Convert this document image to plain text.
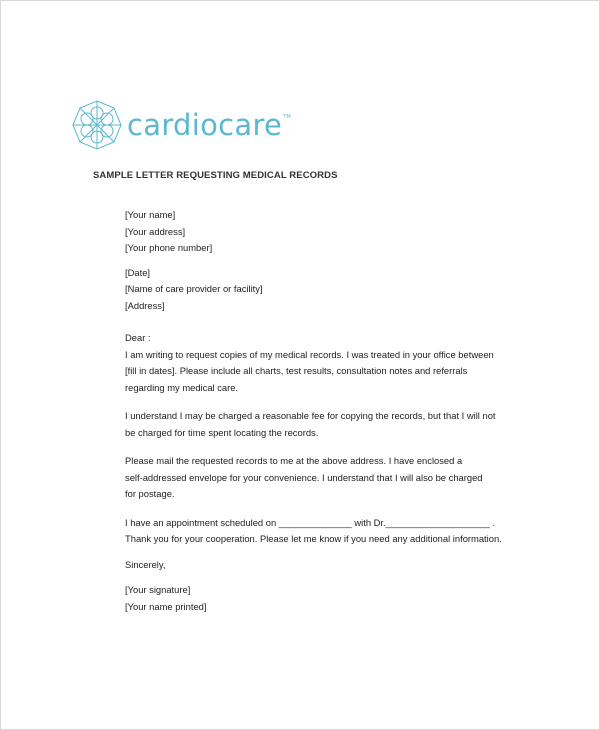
cardiocare TM
SAMPLE LETTER REQUESTING MEDICAL RECORDS

[Your name]

[Your address]

[Your phone number]

[Date]

[Name of care provider or facility]

[Address]

Dear :

I am writing to request copies of my medical records. I was treated in your office between

[fill in dates]. Please include all charts, test results, consultation notes and referrals

regarding my medical care.

I understand I may be charged a reasonable fee for copying the records, but that I will not

be charged for time spent locating the records.

Please mail the requested records to me at the above address. I have enclosed a

self-addressed envelope for your convenience. I understand that I will also be charged

for postage.

I have an appointment scheduled on ______________ with Dr.____________________ .

Thank you for your cooperation. Please let me know if you need any additional information.

Sincerely,

[Your signature]

[Your name printed]
